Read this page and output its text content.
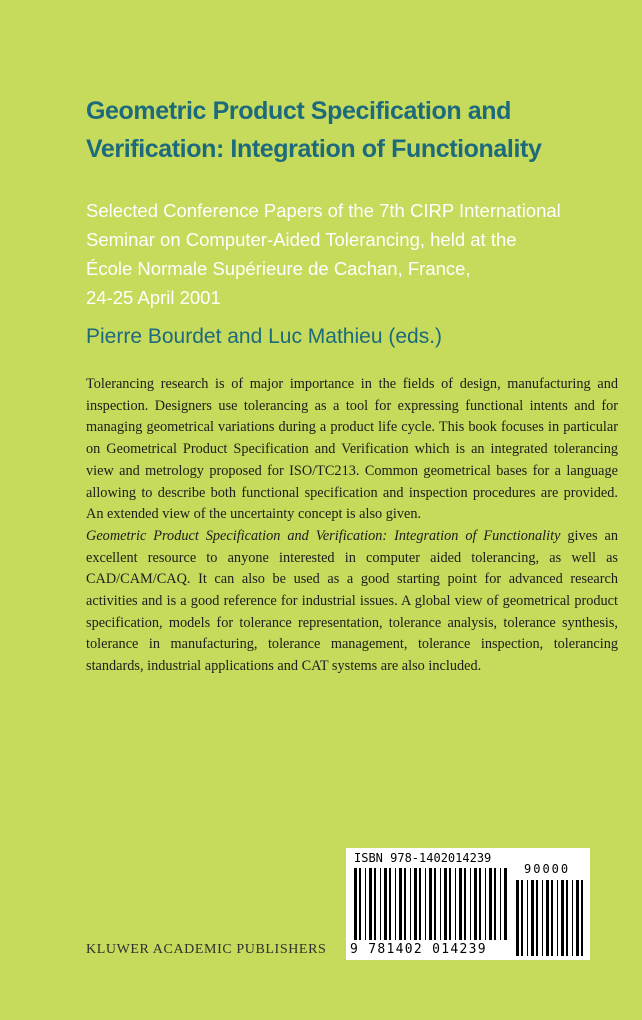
Geometric Product Specification and
Verification: Integration of Functionality
Selected Conference Papers of the 7th CIRP International
Seminar on Computer-Aided Tolerancing, held at the
École Normale Supérieure de Cachan, France,
24-25 April 2001
Pierre Bourdet and Luc Mathieu (eds.)

Tolerancing research is of major importance in the fields of design, manufacturing and inspection. Designers use tolerancing as a tool for expressing functional intents and for managing geometrical variations during a product life cycle. This book focuses in particular on Geometrical Product Specification and Verification which is an integrated tolerancing view and metrology proposed for ISO/TC213. Common geometrical bases for a language allowing to describe both functional specification and inspection procedures are provided. An extended view of the uncertainty concept is also given.

Geometric Product Specification and Verification: Integration of Functionality gives an excellent resource to anyone interested in computer aided tolerancing, as well as CAD/CAM/CAQ. It can also be used as a good starting point for advanced research activities and is a good reference for industrial issues. A global view of geometrical product specification, models for tolerance representation, tolerance analysis, tolerance synthesis, tolerance in manufacturing, tolerance management, tolerance inspection, tolerancing standards, industrial applications and CAT systems are also included.

KLUWER ACADEMIC PUBLISHERS
ISBN 978-1402014239
90000
9 781402 014239
